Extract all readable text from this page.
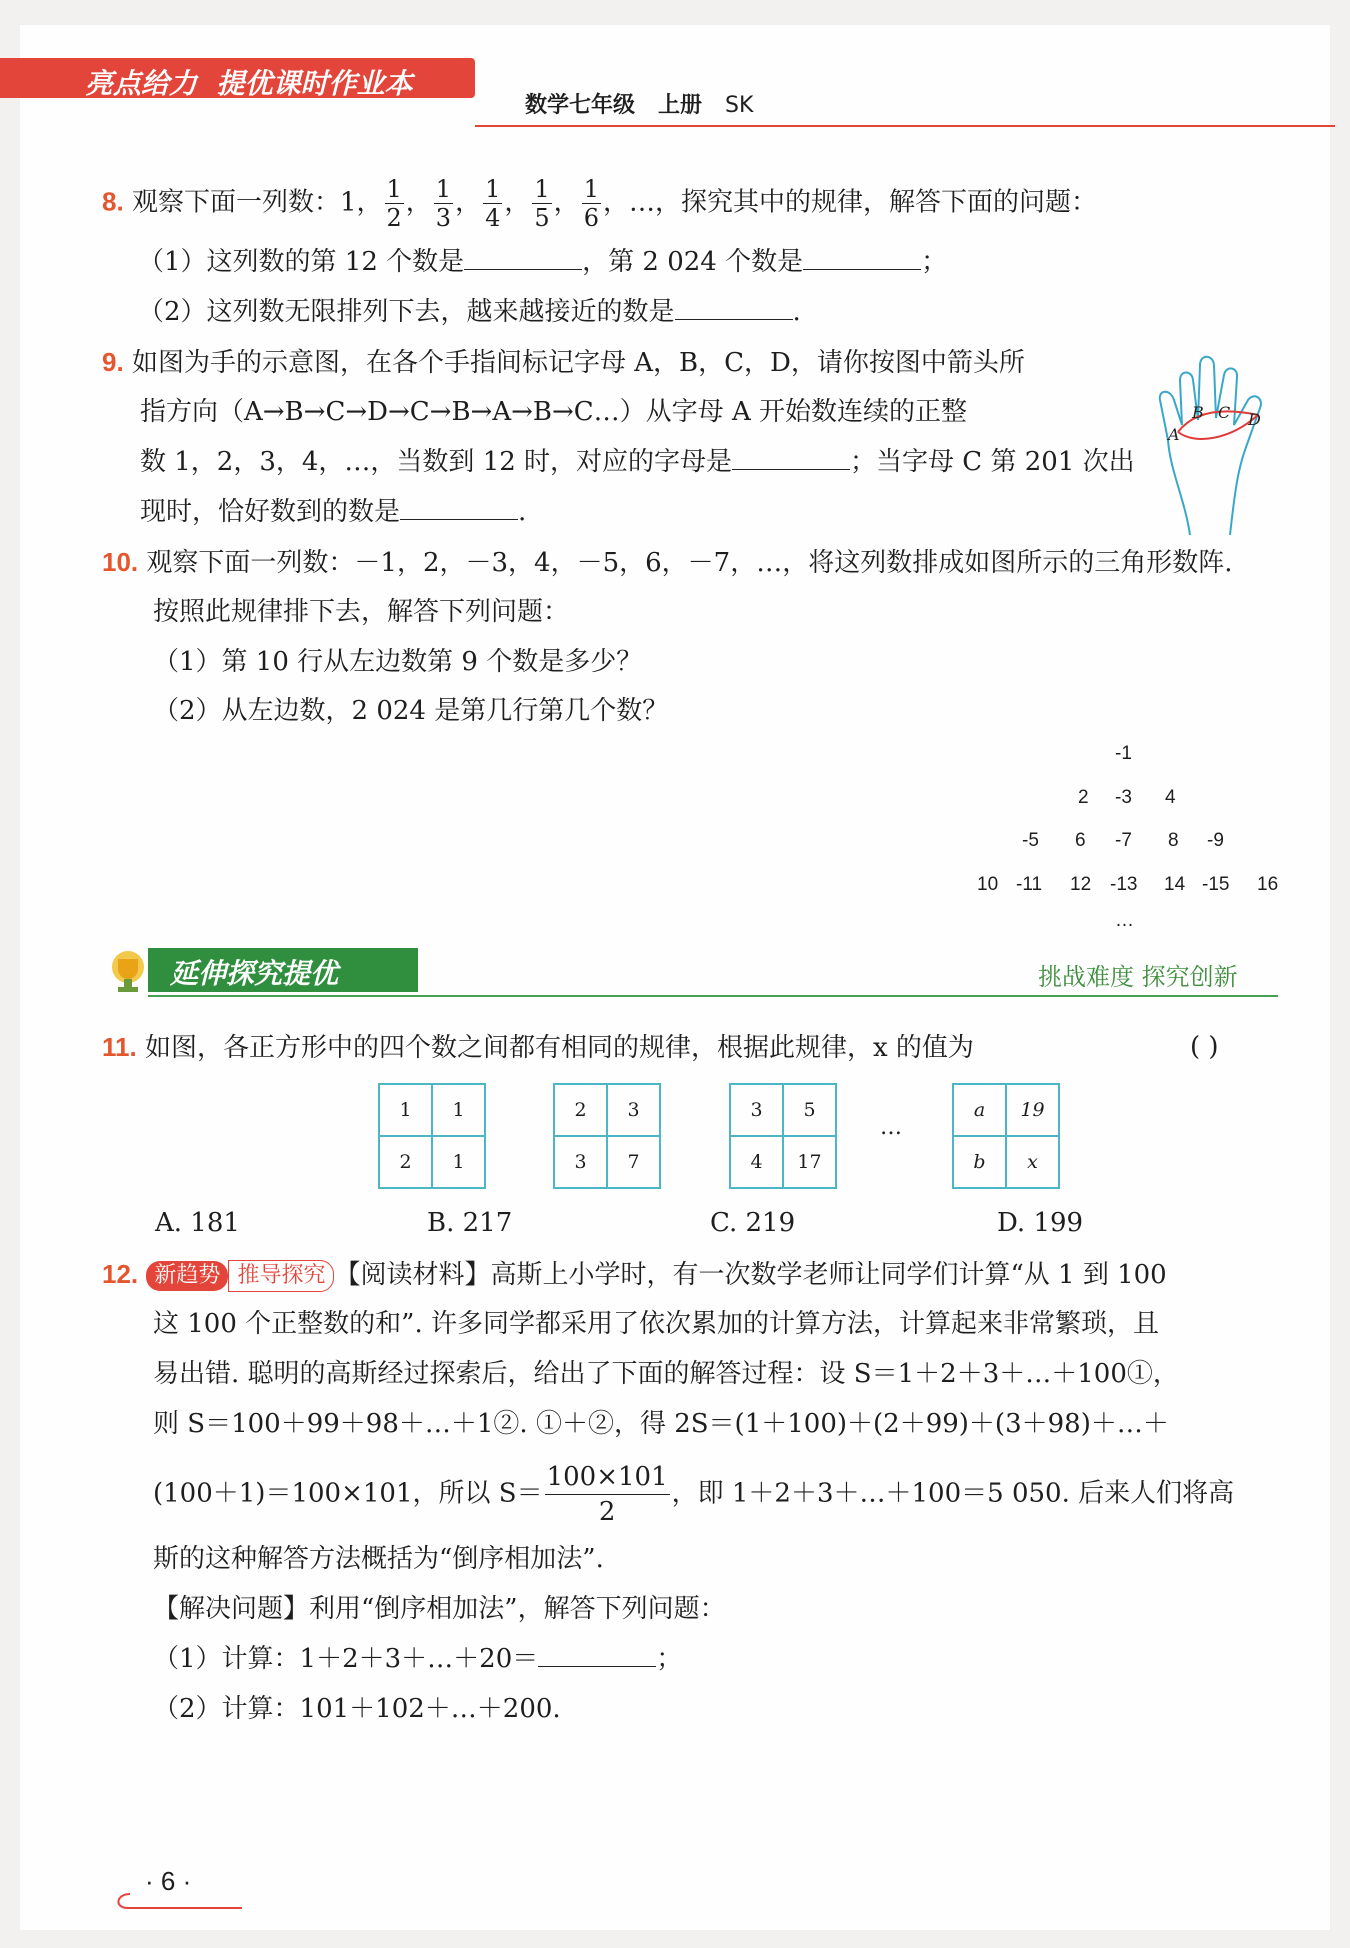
亮点给力 提优课时作业本
数学七年级 上册 SK
8. 观察下面一列数：1， $\frac{1}{2}$ ， $\frac{1}{3}$ ， $\frac{1}{4}$ ， $\frac{1}{5}$ ， $\frac{1}{6}$ ，…，探究其中的规律，解答下面的问题：
（1）这列数的第 12 个数是	，第 2 024 个数是	；
（2）这列数无限排列下去，越来越接近的数是	.
9. 如图为手的示意图，在各个手指间标记字母 A，B，C，D，请你按图中箭头所
指方向（A→B→C→D→C→B→A→B→C…）从字母 A 开始数连续的正整
数 1，2，3，4，…，当数到 12 时，对应的字母是	；当字母 C 第 201 次出
现时，恰好数到的数是	.
A
B C D
10. 观察下面一列数：－1，2，－3，4，－5，6，－7，…，将这列数排成如图所示的三角形数阵.
按照此规律排下去，解答下列问题：
（1）第 10 行从左边数第 9 个数是多少？
（2）从左边数，2 024 是第几行第几个数？
-1
2 -3 4
-5 6 -7 8 -9
10 -11 12 -13 14 -15 16
…
延伸探究提优	挑战难度 探究创新
11. 如图，各正方形中的四个数之间都有相同的规律，根据此规律，x 的值为	( )
1	1
2	1
2	3
3	7
3	5
4	17
…
a	19
b	x
A. 181	B. 217	C. 219	D. 199
12. 新趋势 推导探究 【阅读材料】高斯上小学时，有一次数学老师让同学们计算“从 1 到 100
这 100 个正整数的和”. 许多同学都采用了依次累加的计算方法，计算起来非常繁琐，且
易出错. 聪明的高斯经过探索后，给出了下面的解答过程：设 S＝1＋2＋3＋…＋100①，
则 S＝100＋99＋98＋…＋1②. ①＋②，得 2S＝(1＋100)＋(2＋99)＋(3＋98)＋…＋
(100＋1)＝100×101，所以 $S= \frac{100\times 101}{2}$ ，即 1＋2＋3＋…＋100＝5 050. 后来人们将高
斯的这种解答方法概括为“倒序相加法”.
【解决问题】利用“倒序相加法”，解答下列问题：
（1）计算：1＋2＋3＋…＋20＝	；
（2）计算：101＋102＋…＋200.
· 6 ·
